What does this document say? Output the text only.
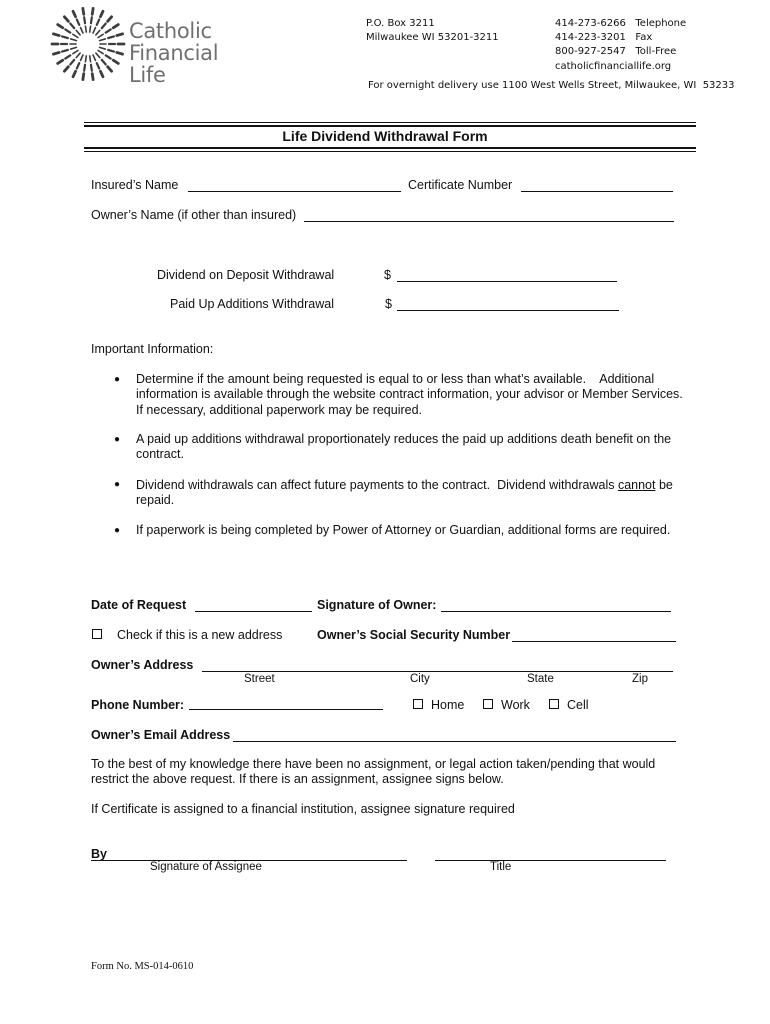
Catholic
Financial Life
P.O. Box 3211
Milwaukee WI 53201-3211
414-273-6266   Telephone
414-223-3201   Fax
800-927-2547   Toll-Free
catholicfinanciallife.org
For overnight delivery use 1100 West Wells Street, Milwaukee, WI  53233
Life Dividend Withdrawal Form
Insured’s Name	Certificate Number
Owner’s Name (if other than insured)
Dividend on Deposit Withdrawal	$
Paid Up Additions Withdrawal	$
Important Information:
● Determine if the amount being requested is equal to or less than what’s available.    Additional
information is available through the website contract information, your advisor or Member Services.
If necessary, additional paperwork may be required.
● A paid up additions withdrawal proportionately reduces the paid up additions death benefit on the
contract.
● Dividend withdrawals can affect future payments to the contract.  Dividend withdrawals cannot be
repaid.
● If paperwork is being completed by Power of Attorney or Guardian, additional forms are required.
Date of Request	Signature of Owner:
Check if this is a new address	Owner’s Social Security Number
Owner’s Address
Street	City	State	Zip
Phone Number:	Home	Work	Cell
Owner’s Email Address
To the best of my knowledge there have been no assignment, or legal action taken/pending that would
restrict the above request. If there is an assignment, assignee signs below.
If Certificate is assigned to a financial institution, assignee signature required
By
Signature of Assignee	Title
Form No. MS-014-0610
